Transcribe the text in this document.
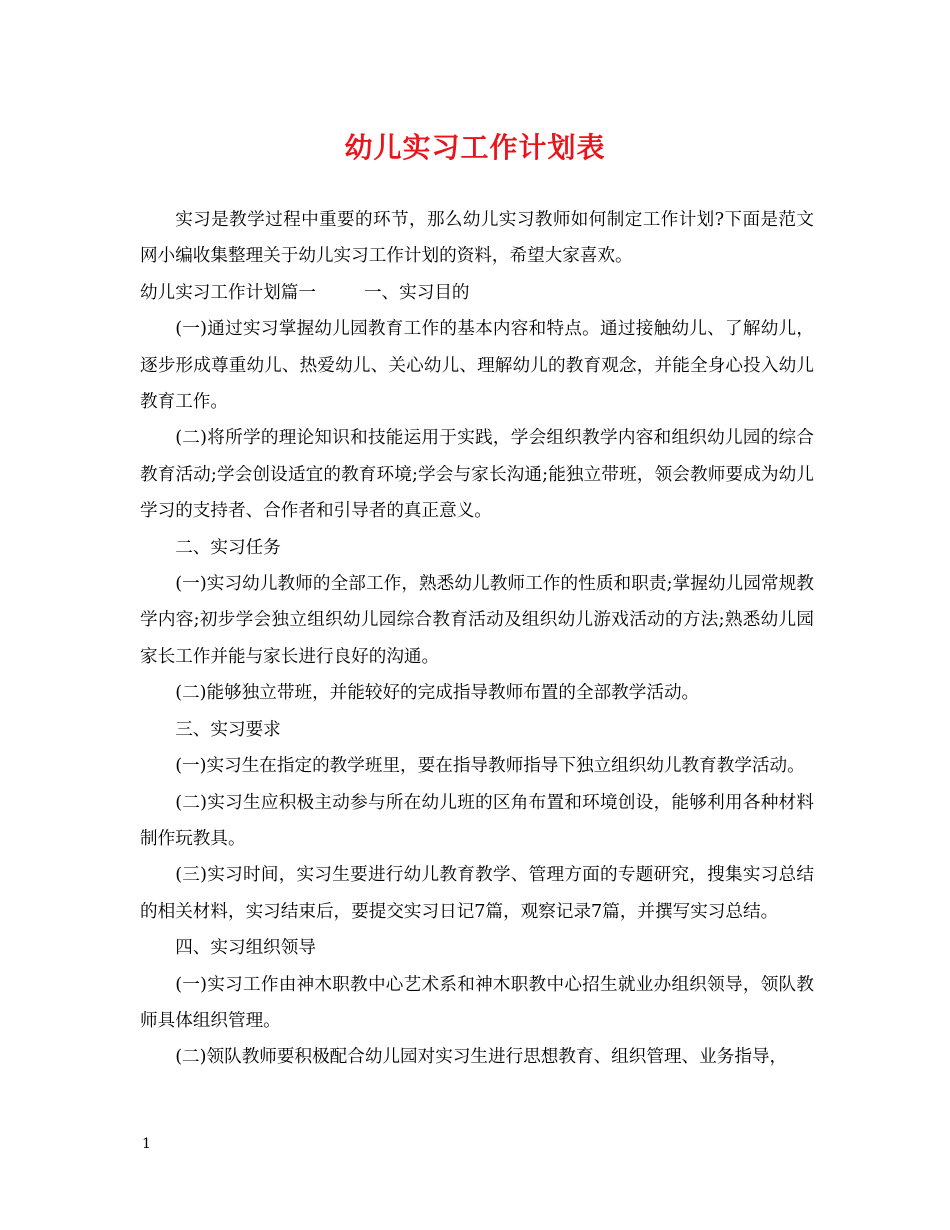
幼儿实习工作计划表

实习是教学过程中重要的环节，那么幼儿实习教师如何制定工作计划?下面是范文网小编收集整理关于幼儿实习工作计划的资料，希望大家喜欢。

幼儿实习工作计划篇一	一、实习目的

(一)通过实习掌握幼儿园教育工作的基本内容和特点。通过接触幼儿、了解幼儿，逐步形成尊重幼儿、热爱幼儿、关心幼儿、理解幼儿的教育观念，并能全身心投入幼儿教育工作。

(二)将所学的理论知识和技能运用于实践，学会组织教学内容和组织幼儿园的综合教育活动;学会创设适宜的教育环境;学会与家长沟通;能独立带班，领会教师要成为幼儿学习的支持者、合作者和引导者的真正意义。

二、实习任务

(一)实习幼儿教师的全部工作，熟悉幼儿教师工作的性质和职责;掌握幼儿园常规教学内容;初步学会独立组织幼儿园综合教育活动及组织幼儿游戏活动的方法;熟悉幼儿园家长工作并能与家长进行良好的沟通。

(二)能够独立带班，并能较好的完成指导教师布置的全部教学活动。

三、实习要求

(一)实习生在指定的教学班里，要在指导教师指导下独立组织幼儿教育教学活动。

(二)实习生应积极主动参与所在幼儿班的区角布置和环境创设，能够利用各种材料制作玩教具。

(三)实习时间，实习生要进行幼儿教育教学、管理方面的专题研究，搜集实习总结的相关材料，实习结束后，要提交实习日记7篇，观察记录7篇，并撰写实习总结。

四、实习组织领导

(一)实习工作由神木职教中心艺术系和神木职教中心招生就业办组织领导，领队教师具体组织管理。

(二)领队教师要积极配合幼儿园对实习生进行思想教育、组织管理、业务指导，

1
